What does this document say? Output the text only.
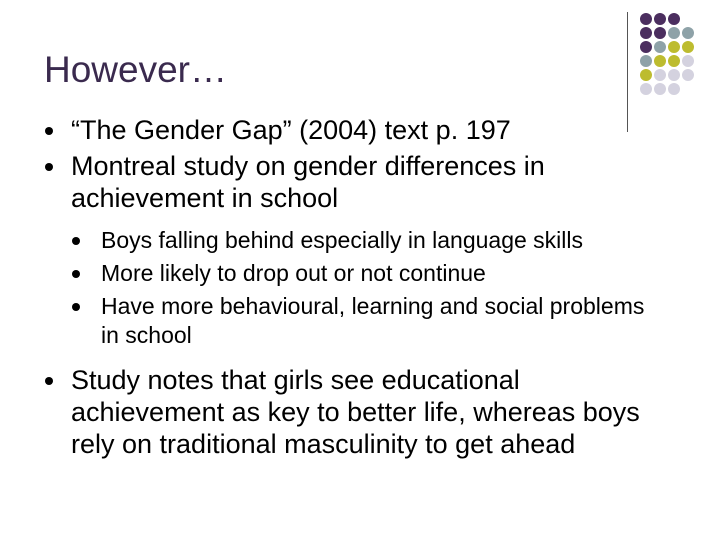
However…
“The Gender Gap” (2004) text p. 197
Montreal study on gender differences in achievement in school
Boys falling behind especially in language skills
More likely to drop out or not continue
Have more behavioural, learning and social problems in school
Study notes that girls see educational achievement as key to better life, whereas boys rely on traditional masculinity to get ahead
